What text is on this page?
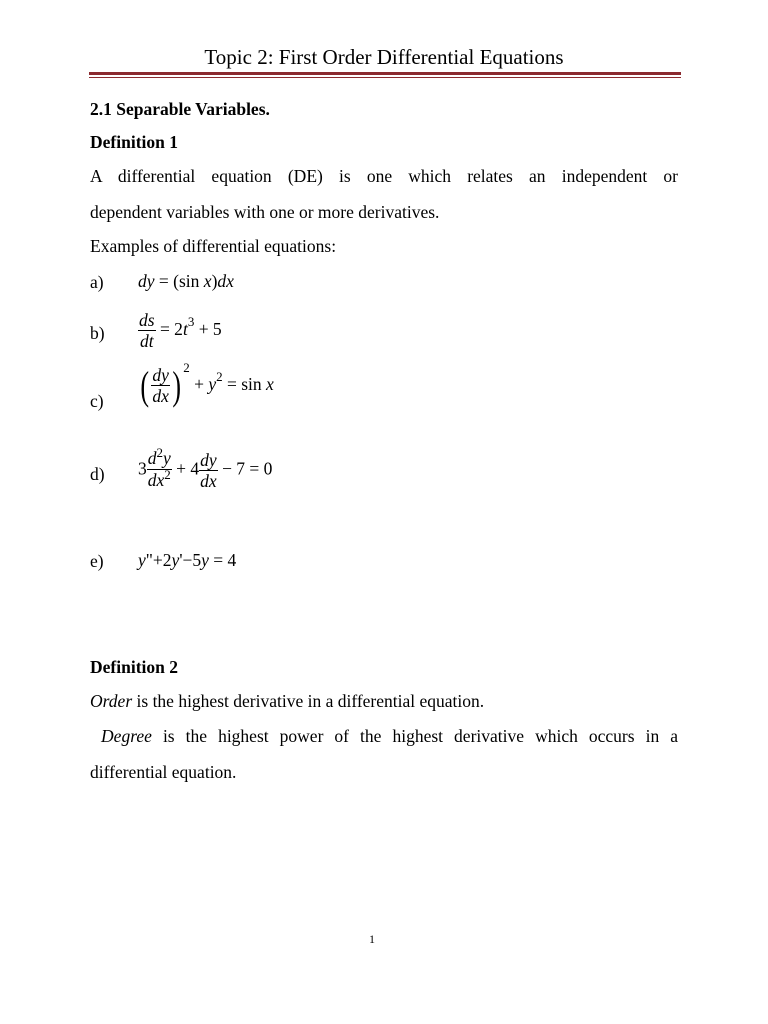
Topic 2: First Order Differential Equations
2.1 Separable Variables.
Definition 1
A differential equation (DE) is one which relates an independent or
dependent variables with one or more derivatives.
Examples of differential equations:
a) dy = (sin x)dx
$b) \frac{ds}{dt} = 2t^3 + 5$
c) ( $\frac{dy}{dx}$ ) $^2 + y^2 = \sin x$
d) $3 \frac{d^2y}{dx^2} + 4 \frac{dy}{dx} - 7 = 0$
e) y"+2y'−5y = 4
Definition 2
Order is the highest derivative in a differential equation.
Degree is the highest power of the highest derivative which occurs in a
differential equation.
1
